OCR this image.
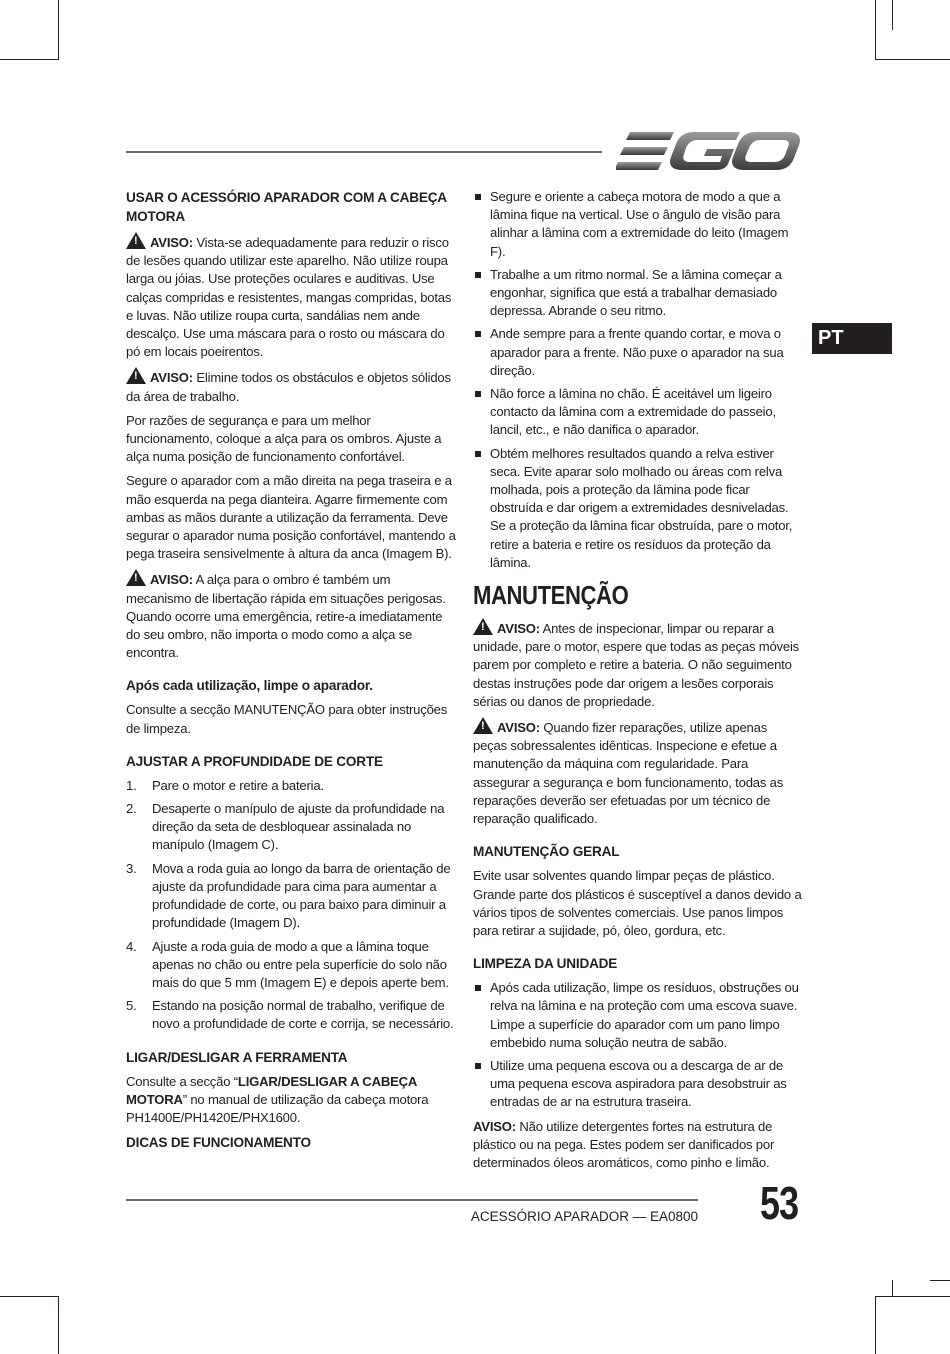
PT
USAR O ACESSÓRIO APARADOR COM A CABEÇA MOTORA

!AVISO: Vista-se adequadamente para reduzir o risco de lesões quando utilizar este aparelho. Não utilize roupa larga ou jóias. Use proteções oculares e auditivas. Use calças compridas e resistentes, mangas compridas, botas e luvas. Não utilize roupa curta, sandálias nem ande descalço. Use uma máscara para o rosto ou máscara do pó em locais poeirentos.

!AVISO: Elimine todos os obstáculos e objetos sólidos da área de trabalho.

Por razões de segurança e para um melhor funcionamento, coloque a alça para os ombros. Ajuste a alça numa posição de funcionamento confortável.

Segure o aparador com a mão direita na pega traseira e a mão esquerda na pega dianteira. Agarre firmemente com ambas as mãos durante a utilização da ferramenta. Deve segurar o aparador numa posição confortável, mantendo a pega traseira sensivelmente à altura da anca (Imagem B).

!AVISO: A alça para o ombro é também um mecanismo de libertação rápida em situações perigosas. Quando ocorre uma emergência, retire-a imediatamente do seu ombro, não importa o modo como a alça se encontra.

Após cada utilização, limpe o aparador.

Consulte a secção MANUTENÇÃO para obter instruções de limpeza.

AJUSTAR A PROFUNDIDADE DE CORTE
1. Pare o motor e retire a bateria.
2. Desaperte o manípulo de ajuste da profundidade na direção da seta de desbloquear assinalada no manípulo (Imagem C).
3. Mova a roda guia ao longo da barra de orientação de ajuste da profundidade para cima para aumentar a profundidade de corte, ou para baixo para diminuir a profundidade (Imagem D).
4. Ajuste a roda guia de modo a que a lâmina toque apenas no chão ou entre pela superfície do solo não mais do que 5 mm (Imagem E) e depois aperte bem.
5. Estando na posição normal de trabalho, verifique de novo a profundidade de corte e corrija, se necessário.
LIGAR/DESLIGAR A FERRAMENTA

Consulte a secção “LIGAR/DESLIGAR A CABEÇA MOTORA” no manual de utilização da cabeça motora PH1400E/PH1420E/PHX1600.

DICAS DE FUNCIONAMENTO
Segure e oriente a cabeça motora de modo a que a lâmina fique na vertical. Use o ângulo de visão para alinhar a lâmina com a extremidade do leito (Imagem F).
Trabalhe a um ritmo normal. Se a lâmina começar a engonhar, significa que está a trabalhar demasiado depressa. Abrande o seu ritmo.
Ande sempre para a frente quando cortar, e mova o aparador para a frente. Não puxe o aparador na sua direção.
Não force a lâmina no chão. É aceitável um ligeiro contacto da lâmina com a extremidade do passeio, lancil, etc., e não danifica o aparador.
Obtém melhores resultados quando a relva estiver seca. Evite aparar solo molhado ou áreas com relva molhada, pois a proteção da lâmina pode ficar obstruída e dar origem a extremidades desniveladas. Se a proteção da lâmina ficar obstruída, pare o motor, retire a bateria e retire os resíduos da proteção da lâmina.
MANUTENÇÃO

!AVISO: Antes de inspecionar, limpar ou reparar a unidade, pare o motor, espere que todas as peças móveis parem por completo e retire a bateria. O não seguimento destas instruções pode dar origem a lesões corporais sérias ou danos de propriedade.

!AVISO: Quando fizer reparações, utilize apenas peças sobressalentes idênticas. Inspecione e efetue a manutenção da máquina com regularidade. Para assegurar a segurança e bom funcionamento, todas as reparações deverão ser efetuadas por um técnico de reparação qualificado.

MANUTENÇÃO GERAL

Evite usar solventes quando limpar peças de plástico. Grande parte dos plásticos é susceptível a danos devido a vários tipos de solventes comerciais. Use panos limpos para retirar a sujidade, pó, óleo, gordura, etc.

LIMPEZA DA UNIDADE
Após cada utilização, limpe os resíduos, obstruções ou relva na lâmina e na proteção com uma escova suave. Limpe a superfície do aparador com um pano limpo embebido numa solução neutra de sabão.
Utilize uma pequena escova ou a descarga de ar de uma pequena escova aspiradora para desobstruir as entradas de ar na estrutura traseira.

AVISO: Não utilize detergentes fortes na estrutura de plástico ou na pega. Estes podem ser danificados por determinados óleos aromáticos, como pinho e limão.

ACESSÓRIO APARADOR — EA0800 53
